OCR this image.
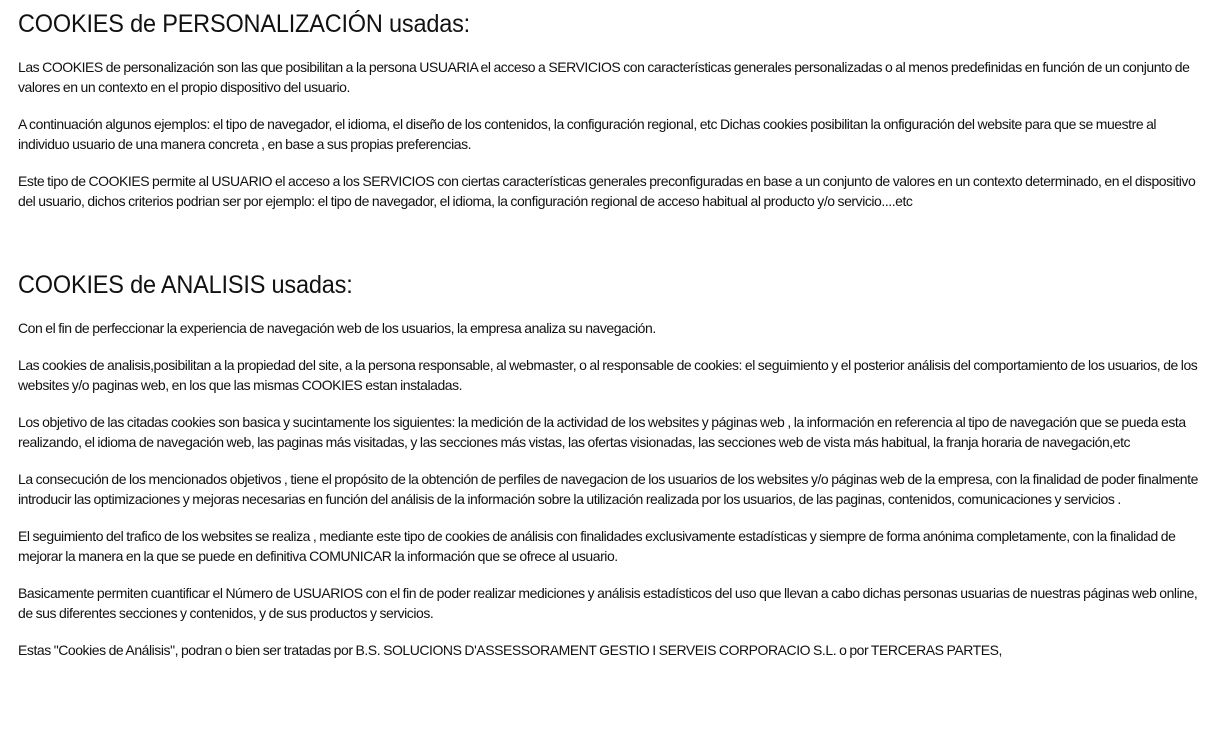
COOKIES de PERSONALIZACIÓN usadas:

Las COOKIES de personalización son las que posibilitan a la persona USUARIA el acceso a SERVICIOS con características generales personalizadas o al menos predefinidas en función de un conjunto de valores en un contexto en el propio dispositivo del usuario.

A continuación algunos ejemplos: el tipo de navegador, el idioma, el diseño de los contenidos, la configuración regional, etc Dichas cookies posibilitan la onfiguración del website para que se muestre al individuo usuario de una manera concreta , en base a sus propias preferencias.

Este tipo de COOKIES permite al USUARIO el acceso a los SERVICIOS con ciertas características generales preconfiguradas en base a un conjunto de valores en un contexto determinado, en el dispositivo del usuario, dichos criterios podrian ser por ejemplo: el tipo de navegador, el idioma, la configuración regional de acceso habitual al producto y/o servicio....etc

COOKIES de ANALISIS usadas:

Con el fin de perfeccionar la experiencia de navegación web de los usuarios, la empresa analiza su navegación.

Las cookies de analisis,posibilitan a la propiedad del site, a la persona responsable, al webmaster, o al responsable de cookies: el seguimiento y el posterior análisis del comportamiento de los usuarios, de los websites y/o paginas web, en los que las mismas COOKIES estan instaladas.

Los objetivo de las citadas cookies son basica y sucintamente los siguientes: la medición de la actividad de los websites y páginas web , la información en referencia al tipo de navegación que se pueda esta realizando, el idioma de navegación web, las paginas más visitadas, y las secciones más vistas, las ofertas visionadas, las secciones web de vista más habitual, la franja horaria de navegación,etc

La consecución de los mencionados objetivos , tiene el propósito de la obtención de perfiles de navegacion de los usuarios de los websites y/o páginas web de la empresa, con la finalidad de poder finalmente introducir las optimizaciones y mejoras necesarias en función del análisis de la información sobre la utilización realizada por los usuarios, de las paginas, contenidos, comunicaciones y servicios .

El seguimiento del trafico de los websites se realiza , mediante este tipo de cookies de análisis con finalidades exclusivamente estadísticas y siempre de forma anónima completamente, con la finalidad de mejorar la manera en la que se puede en definitiva COMUNICAR la información que se ofrece al usuario.

Basicamente permiten cuantificar el Número de USUARIOS con el fin de poder realizar mediciones y análisis estadísticos del uso que llevan a cabo dichas personas usuarias de nuestras páginas web online, de sus diferentes secciones y contenidos, y de sus productos y servicios.

Estas "Cookies de Análisis", podran o bien ser tratadas por B.S. SOLUCIONS D'ASSESSORAMENT GESTIO I SERVEIS CORPORACIO S.L. o por TERCERAS PARTES,
